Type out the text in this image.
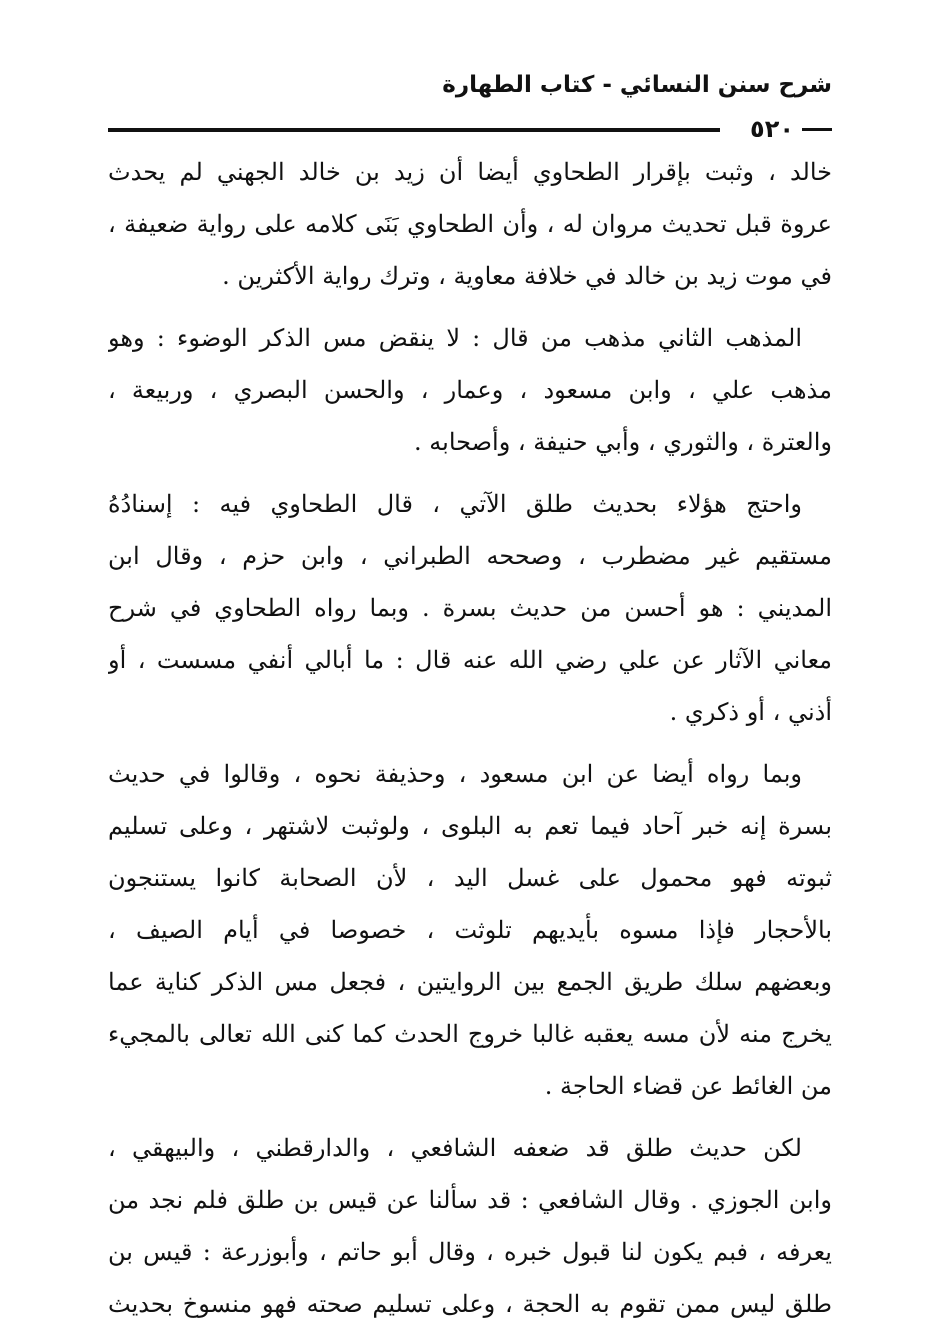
شرح سنن النسائي - كتاب الطهارة
٥٢٠
خالد ، وثبت بإقرار الطحاوي أيضا أن زيد بن خالد الجهني لم يحدث
عروة قبل تحديث مروان له ، وأن الطحاوي بَنَى كلامه على رواية ضعيفة ،
في موت زيد بن خالد في خلافة معاوية ، وترك رواية الأكثرين .
المذهب الثاني مذهب من قال : لا ينقض مس الذكر الوضوء : وهو
مذهب علي ، وابن مسعود ، وعمار ، والحسن البصري ، وربيعة ،
والعترة ، والثوري ، وأبي حنيفة ، وأصحابه .
واحتج هؤلاء بحديث طلق الآتي ، قال الطحاوي فيه : إسنادُهُ
مستقيم غير مضطرب ، وصححه الطبراني ، وابن حزم ، وقال ابن
المديني : هو أحسن من حديث بسرة . وبما رواه الطحاوي في شرح
معاني الآثار عن علي رضي الله عنه قال : ما أبالي أنفي مسست ، أو
أذني ، أو ذكري .
وبما رواه أيضا عن ابن مسعود ، وحذيفة نحوه ، وقالوا في حديث
بسرة إنه خبر آحاد فيما تعم به البلوى ، ولوثبت لاشتهر ، وعلى تسليم
ثبوته فهو محمول على غسل اليد ، لأن الصحابة كانوا يستنجون
بالأحجار فإذا مسوه بأيديهم تلوثت ، خصوصا في أيام الصيف ،
وبعضهم سلك طريق الجمع بين الروايتين ، فجعل مس الذكر كناية عما
يخرج منه لأن مسه يعقبه غالبا خروج الحدث كما كنى الله تعالى بالمجيء
من الغائط عن قضاء الحاجة .
لكن حديث طلق قد ضعفه الشافعي ، والدارقطني ، والبيهقي ،
وابن الجوزي . وقال الشافعي : قد سألنا عن قيس بن طلق فلم نجد من
يعرفه ، فبم يكون لنا قبول خبره ، وقال أبو حاتم ، وأبوزرعة : قيس بن
طلق ليس ممن تقوم به الحجة ، وعلى تسليم صحته فهو منسوخ بحديث
